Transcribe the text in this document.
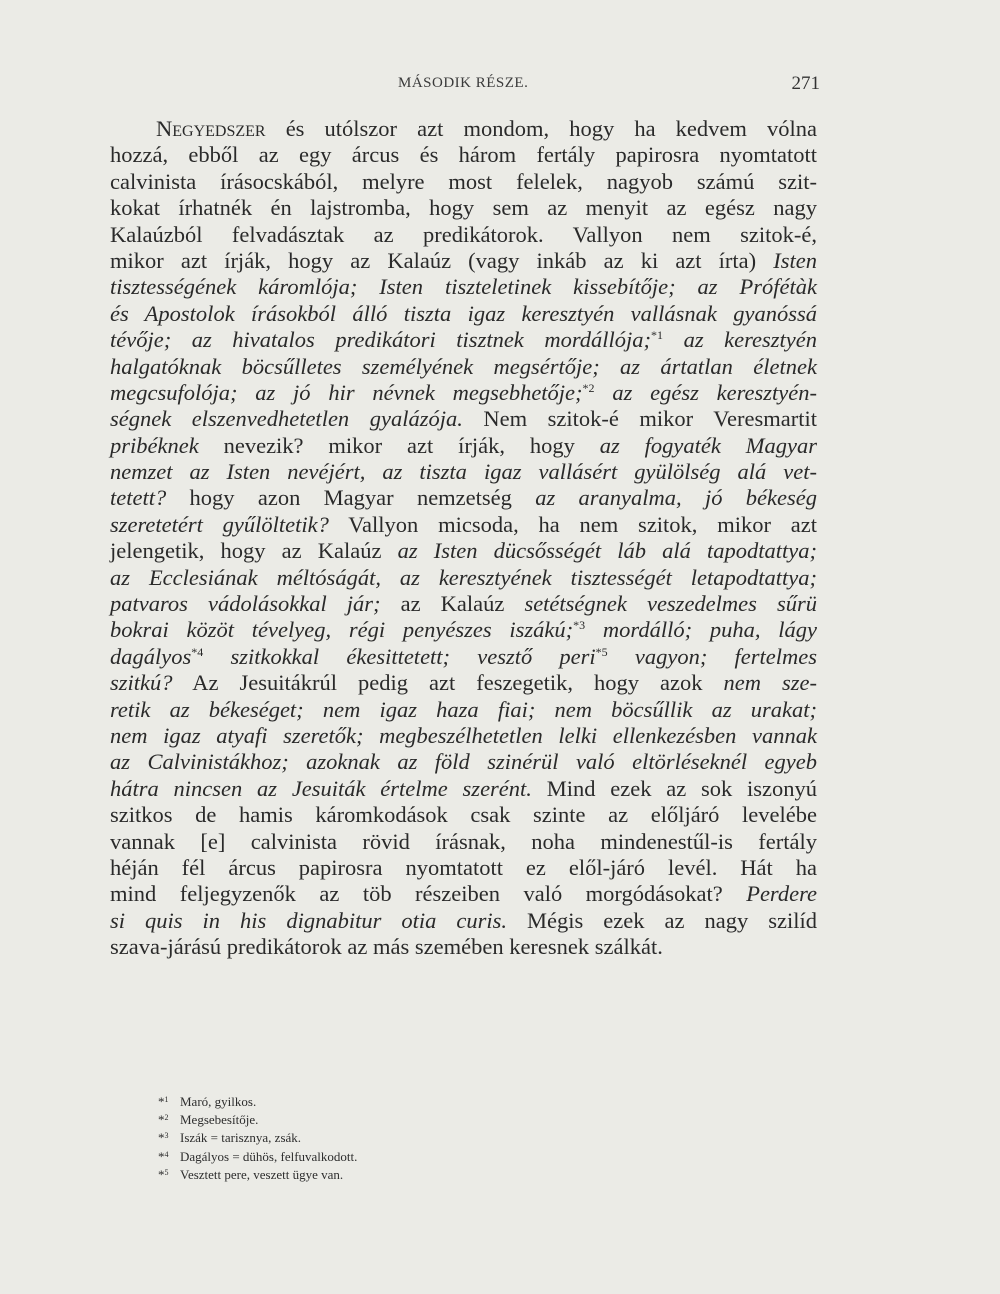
MÁSODIK RÉSZE.	271
Negyedszer és utólszor azt mondom, hogy ha kedvem vólna
hozzá, ebből az egy árcus és három fertály papirosra nyomtatott
calvinista írásocskából, melyre most felelek, nagyob számú szit-
kokat írhatnék én lajstromba, hogy sem az menyit az egész nagy
Kalaúzból felvadásztak az predikátorok. Vallyon nem szitok-é,
mikor azt írják, hogy az Kalaúz (vagy inkáb az ki azt írta) Isten
tisztességének káromlója; Isten tiszteletinek kissebítője; az Prófétàk
és Apostolok írásokból álló tiszta igaz keresztyén vallásnak gyanóssá
tévője; az hivatalos predikátori tisztnek mordállója;$^{*1}$ az keresztyén
halgatóknak böcsűlletes személyének megsértője; az ártatlan életnek
megcsufolója; az jó hir névnek megsebhetője;$^{*2}$ az egész keresztyén-
ségnek elszenvedhetetlen gyalázója. Nem szitok-é mikor Veresmartit
pribéknek nevezik? mikor azt írják, hogy az fogyaték Magyar
nemzet az Isten nevéjért, az tiszta igaz vallásért gyülölség alá vet-
tetett? hogy azon Magyar nemzetség az aranyalma, jó békeség
szeretetért gyűlöltetik? Vallyon micsoda, ha nem szitok, mikor azt
jelengetik, hogy az Kalaúz az Isten dücsősségét láb alá tapodtattya;
az Ecclesiának méltóságát, az keresztyének tisztességét letapodtattya;
patvaros vádolásokkal jár; az Kalaúz setétségnek veszedelmes sűrü
bokrai közöt tévelyeg, régi penyészes iszákú;$^{*3}$ mordálló; puha, lágy
dagályos$^{*4}$ szitkokkal ékesittetett; vesztő peri$^{*5}$ vagyon; fertelmes
szitkú? Az Jesuitákrúl pedig azt feszegetik, hogy azok nem sze-
retik az békeséget; nem igaz haza fiai; nem böcsűllik az urakat;
nem igaz atyafi szeretők; megbeszélhetetlen lelki ellenkezésben vannak
az Calvinistákhoz; azoknak az föld szinérül való eltörléseknél egyeb
hátra nincsen az Jesuiták értelme szerént. Mind ezek az sok iszonyú
szitkos de hamis káromkodások csak szinte az előljáró levelébe
vannak [e] calvinista rövid írásnak, noha mindenestűl-is fertály
héján fél árcus papirosra nyomtatott ez elől-járó levél. Hát ha
mind feljegyzenők az töb részeiben való morgódásokat? Perdere
si quis in his dignabitur otia curis. Mégis ezek az nagy szilíd
szava-járású predikátorok az más szemében keresnek szálkát.
*$^1$ Maró, gyilkos.
*$^2$ Megsebesítője.
*$^3$ Iszák = tarisznya, zsák.
*$^4$ Dagályos = dühös, felfuvalkodott.
*$^5$ Vesztett pere, veszett ügye van.
